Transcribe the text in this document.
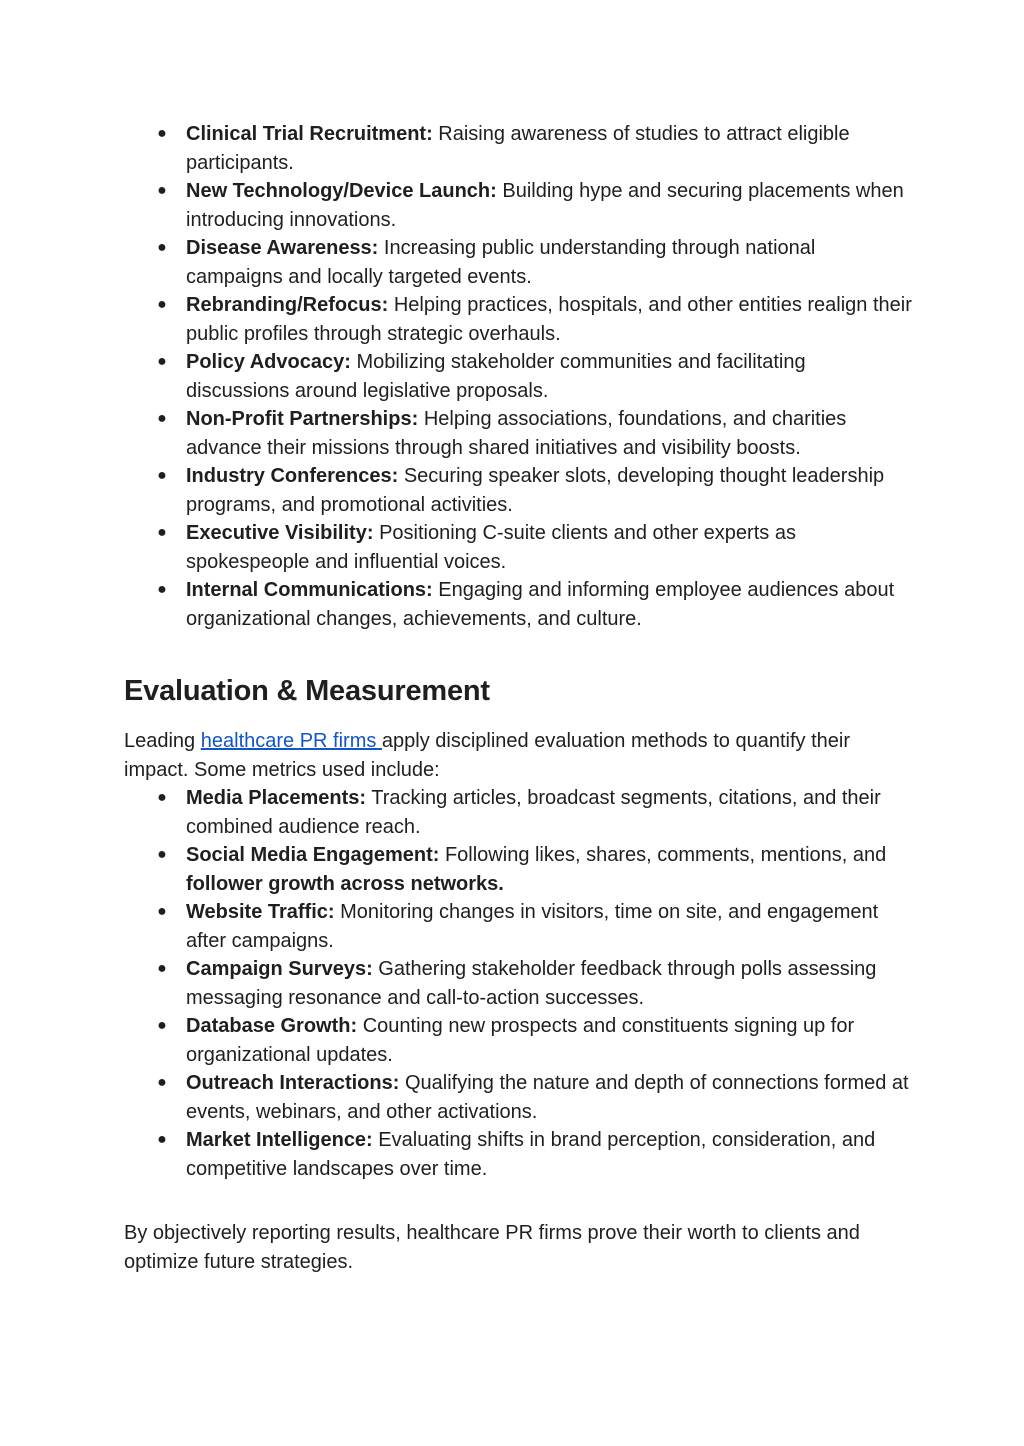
● Clinical Trial Recruitment: Raising awareness of studies to attract eligible participants.
● New Technology/Device Launch: Building hype and securing placements when introducing innovations.
● Disease Awareness: Increasing public understanding through national campaigns and locally targeted events.
● Rebranding/Refocus: Helping practices, hospitals, and other entities realign their public profiles through strategic overhauls.
● Policy Advocacy: Mobilizing stakeholder communities and facilitating discussions around legislative proposals.
● Non-Profit Partnerships: Helping associations, foundations, and charities advance their missions through shared initiatives and visibility boosts.
● Industry Conferences: Securing speaker slots, developing thought leadership programs, and promotional activities.
● Executive Visibility: Positioning C-suite clients and other experts as spokespeople and influential voices.
● Internal Communications: Engaging and informing employee audiences about organizational changes, achievements, and culture.
Evaluation & Measurement

Leading healthcare PR firms apply disciplined evaluation methods to quantify their impact. Some metrics used include:

● Media Placements: Tracking articles, broadcast segments, citations, and their combined audience reach.
● Social Media Engagement: Following likes, shares, comments, mentions, and follower growth across networks.
● Website Traffic: Monitoring changes in visitors, time on site, and engagement after campaigns.
● Campaign Surveys: Gathering stakeholder feedback through polls assessing messaging resonance and call-to-action successes.
● Database Growth: Counting new prospects and constituents signing up for organizational updates.
● Outreach Interactions: Qualifying the nature and depth of connections formed at events, webinars, and other activations.
● Market Intelligence: Evaluating shifts in brand perception, consideration, and competitive landscapes over time.

By objectively reporting results, healthcare PR firms prove their worth to clients and optimize future strategies.
